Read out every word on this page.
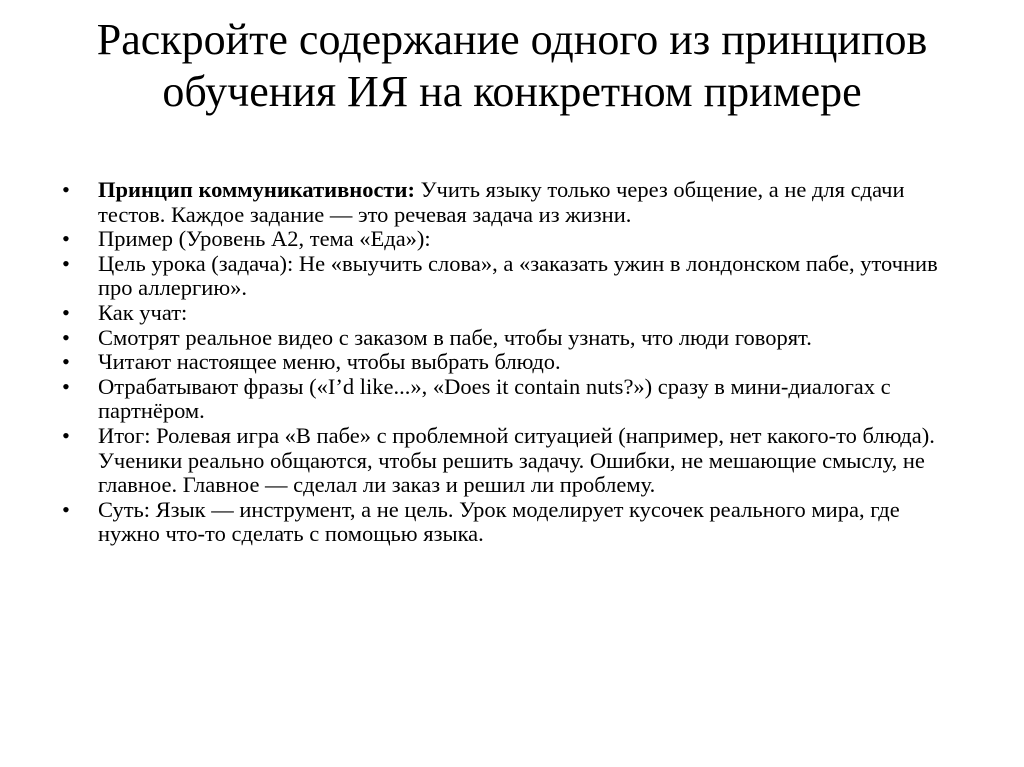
Раскройте содержание одного из принципов обучения ИЯ на конкретном примере
•	Принцип коммуникативности: Учить языку только через общение, а не для сдачи тестов. Каждое задание — это речевая задача из жизни.
•	Пример (Уровень A2, тема «Еда»):
•	Цель урока (задача): Не «выучить слова», а «заказать ужин в лондонском пабе, уточнив про аллергию».
•	Как учат:
•	Смотрят реальное видео с заказом в пабе, чтобы узнать, что люди говорят.
•	Читают настоящее меню, чтобы выбрать блюдо.
•	Отрабатывают фразы («I’d like...», «Does it contain nuts?») сразу в мини-диалогах с партнёром.
•	Итог: Ролевая игра «В пабе» с проблемной ситуацией (например, нет какого-то блюда). Ученики реально общаются, чтобы решить задачу. Ошибки, не мешающие смыслу, не главное. Главное — сделал ли заказ и решил ли проблему.
•	Суть: Язык — инструмент, а не цель. Урок моделирует кусочек реального мира, где нужно что-то сделать с помощью языка.
